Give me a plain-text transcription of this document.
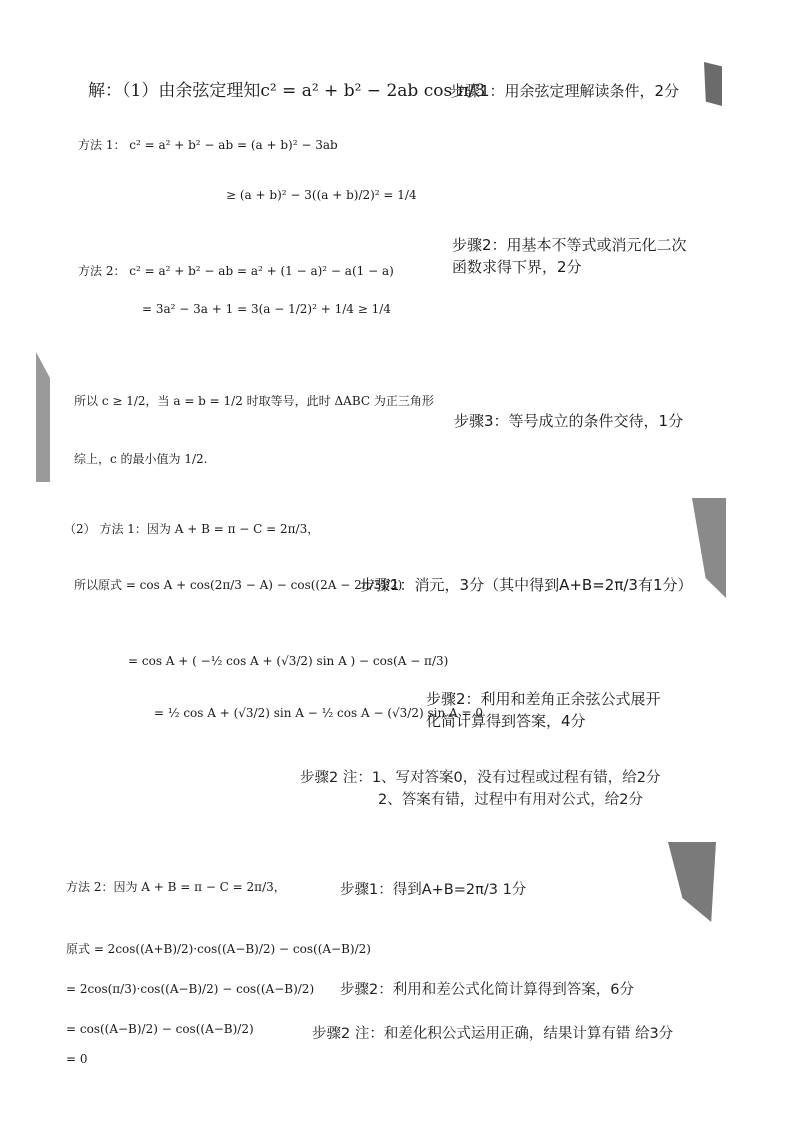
解：（1）由余弦定理知c² = a² + b² − 2ab cos π/3
步骤1：用余弦定理解读条件，2分
方法 1： c² = a² + b² − ab = (a + b)² − 3ab
≥ (a + b)² − 3((a + b)/2)² = 1/4
步骤2：用基本不等式或消元化二次
函数求得下界，2分
方法 2： c² = a² + b² − ab = a² + (1 − a)² − a(1 − a)
= 3a² − 3a + 1 = 3(a − 1/2)² + 1/4 ≥ 1/4
所以 c ≥ 1/2，当 a = b = 1/2 时取等号，此时 ΔABC 为正三角形
步骤3：等号成立的条件交待，1分
综上，c 的最小值为 1/2.
（2） 方法 1：因为 A + B = π − C = 2π/3，
所以原式 = cos A + cos(2π/3 − A) − cos((2A − 2π/3)/2)
步骤1：消元，3分（其中得到A+B=2π/3有1分）
= cos A + ( −½ cos A + (√3/2) sin A ) − cos(A − π/3)
= ½ cos A + (√3/2) sin A − ½ cos A − (√3/2) sin A = 0
步骤2：利用和差角正余弦公式展开
化简计算得到答案，4分
步骤2 注：1、写对答案0，没有过程或过程有错，给2分
2、答案有错，过程中有用对公式，给2分
方法 2：因为 A + B = π − C = 2π/3，	步骤1：得到A+B=2π/3 1分
原式 = 2cos((A+B)/2)·cos((A−B)/2) − cos((A−B)/2)
= 2cos(π/3)·cos((A−B)/2) − cos((A−B)/2) 步骤2：利用和差公式化简计算得到答案，6分
= cos((A−B)/2) − cos((A−B)/2)	步骤2 注：和差化积公式运用正确，结果计算有错 给3分
= 0
